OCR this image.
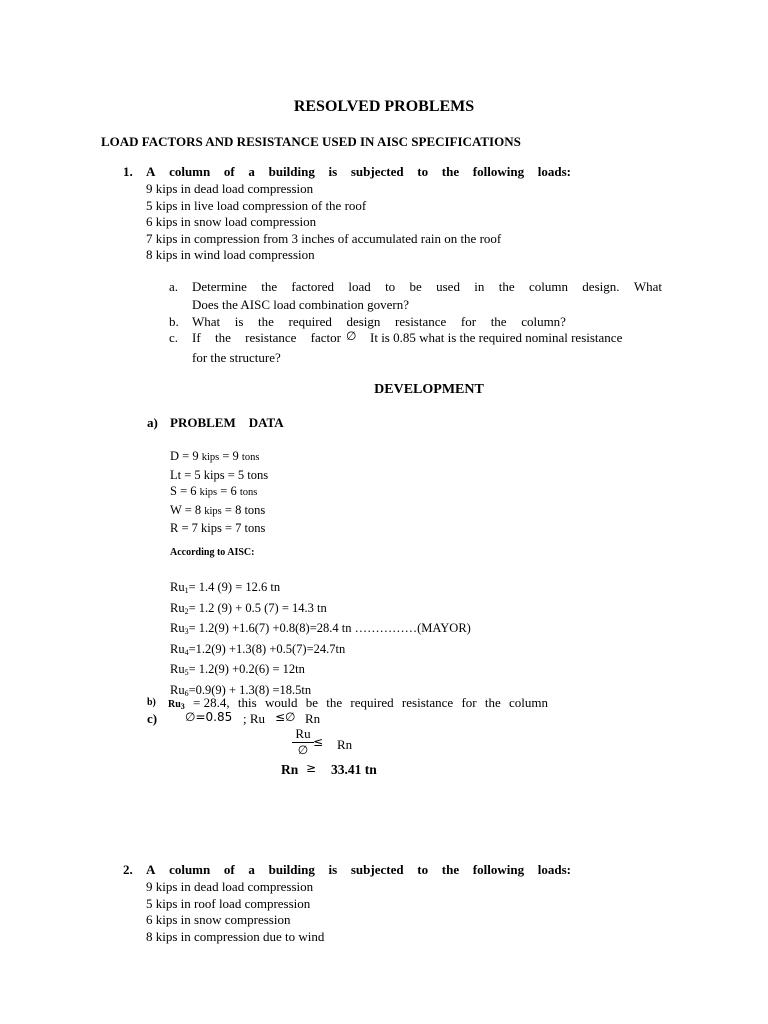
RESOLVED PROBLEMS
LOAD FACTORS AND RESISTANCE USED IN AISC SPECIFICATIONS
1. A column of a building is subjected to the following loads:
9 kips in dead load compression
5 kips in live load compression of the roof
6 kips in snow load compression
7 kips in compression from 3 inches of accumulated rain on the roof
8 kips in wind load compression
a. Determine the factored load to be used in the column design. What
Does the AISC load combination govern?
b. What is the required design resistance for the column?
c. If the resistance factor ∅ It is 0.85 what is the required nominal resistance
for the structure?
DEVELOPMENT
a) PROBLEM    DATA
D = 9 kips = 9 tons
Lt = 5 kips = 5 tons
S = 6 kips = 6 tons
W = 8 kips = 8 tons
R = 7 kips = 7 tons
According to AISC:
$Ru_1= 1.4$ (9) = 12.6 tn
$Ru_2= 1.2$ (9) + 0.5 (7) = 14.3 tn
$Ru_3= 1.2(9) +1.6(7) +0.8(8)=28.4$ tn ……………(MAYOR)
$Ru_4=1.2(9) +1.3(8) +0.5(7)=24.7tn$
$Ru_5= 1.2(9) +0.2(6) = 12tn$
$Ru_6=0.9(9) + 1.3(8) =18.5tn$
b) $Ru_3 = 28.4$, this would be the required resistance for the column
c) ∅=0.85 ; Ru ≤∅ Rn
Ru
∅
≤ Rn
Rn ≥ 33.41 tn
2. A column of a building is subjected to the following loads:
9 kips in dead load compression
5 kips in roof load compression
6 kips in snow compression
8 kips in compression due to wind
